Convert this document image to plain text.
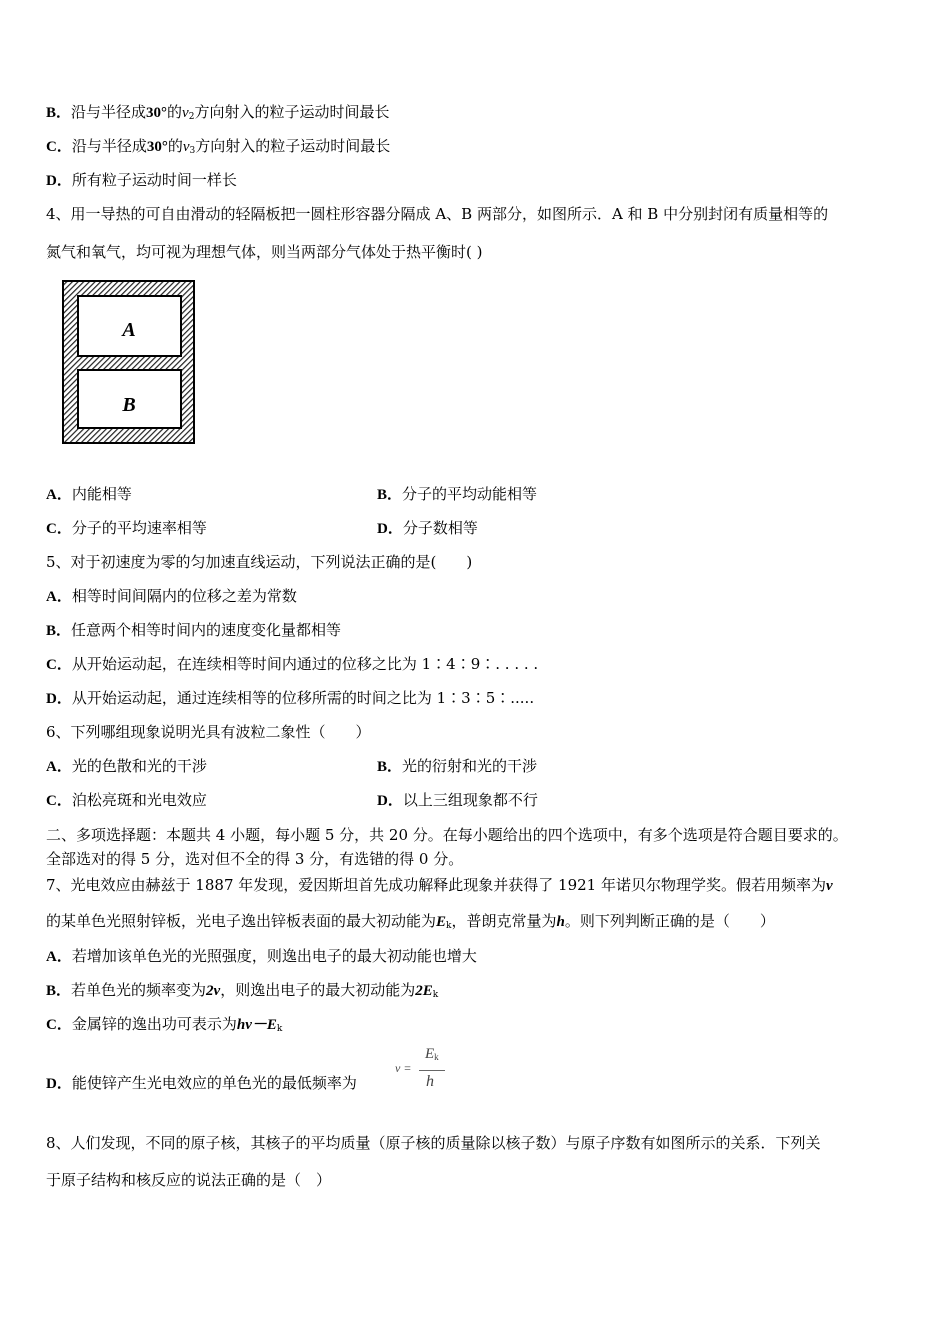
B．沿与半径成30°的$v_2$方向射入的粒子运动时间最长
C．沿与半径成30°的$v_3$方向射入的粒子运动时间最长
D．所有粒子运动时间一样长
4、用一导热的可自由滑动的轻隔板把一圆柱形容器分隔成 A、B 两部分，如图所示．A 和 B 中分别封闭有质量相等的
氮气和氧气，均可视为理想气体，则当两部分气体处于热平衡时( )
A
B
A．内能相等	B．分子的平均动能相等
C．分子的平均速率相等	D．分子数相等
5、对于初速度为零的匀加速直线运动，下列说法正确的是(　　)
A．相等时间间隔内的位移之差为常数
B．任意两个相等时间内的速度变化量都相等
C．从开始运动起，在连续相等时间内通过的位移之比为 1∶4∶9∶. . . . .
D．从开始运动起，通过连续相等的位移所需的时间之比为 1∶3∶5∶.....
6、下列哪组现象说明光具有波粒二象性（　　）
A．光的色散和光的干涉	B．光的衍射和光的干涉
C．泊松亮斑和光电效应	D．以上三组现象都不行
二、多项选择题：本题共 4 小题，每小题 5 分，共 20 分。在每小题给出的四个选项中，有多个选项是符合题目要求的。
全部选对的得 5 分，选对但不全的得 3 分，有选错的得 0 分。
7、光电效应由赫兹于 1887 年发现，爱因斯坦首先成功解释此现象并获得了 1921 年诺贝尔物理学奖。假若用频率为ν
的某单色光照射锌板，光电子逸出锌板表面的最大初动能为$E_k$，普朗克常量为h。则下列判断正确的是（　　）
A．若增加该单色光的光照强度，则逸出电子的最大初动能也增大
B．若单色光的频率变为2ν，则逸出电子的最大初动能为$2E_k$
C．金属锌的逸出功可表示为$h\nu-E_k$
D．能使锌产生光电效应的单色光的最低频率为
ν =
$E_k$
h
8、人们发现，不同的原子核，其核子的平均质量（原子核的质量除以核子数）与原子序数有如图所示的关系．下列关
于原子结构和核反应的说法正确的是（　）
